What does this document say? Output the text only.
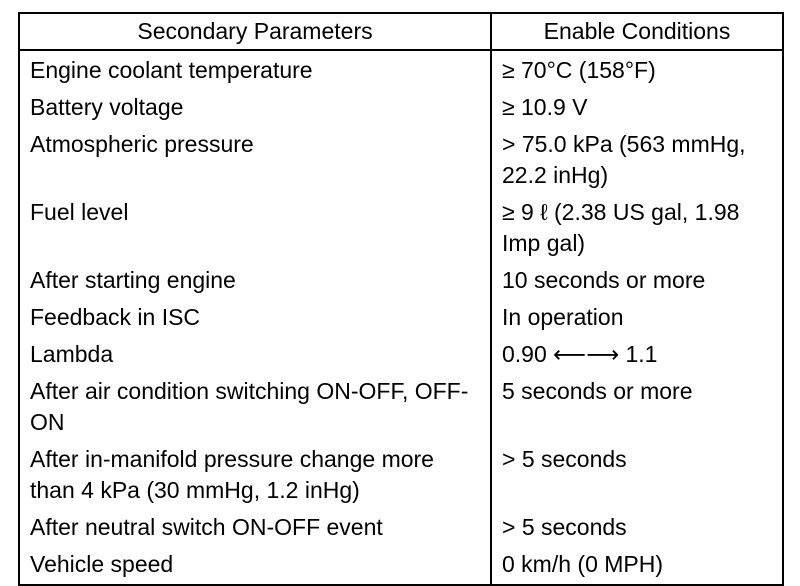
Secondary Parameters	Enable Conditions
Engine coolant temperature	≥ 70°C (158°F)
Battery voltage	≥ 10.9 V
Atmospheric pressure	> 75.0 kPa (563 mmHg, 22.2 inHg)
Fuel level	≥ 9 ℓ (2.38 US gal, 1.98 Imp gal)
After starting engine	10 seconds or more
Feedback in ISC	In operation
Lambda	0.90 ⟵⟶ 1.1
After air condition switching ON-OFF, OFF-ON	5 seconds or more
After in-manifold pressure change more than 4 kPa (30 mmHg, 1.2 inHg)	> 5 seconds
After neutral switch ON-OFF event	> 5 seconds
Vehicle speed	0 km/h (0 MPH)
